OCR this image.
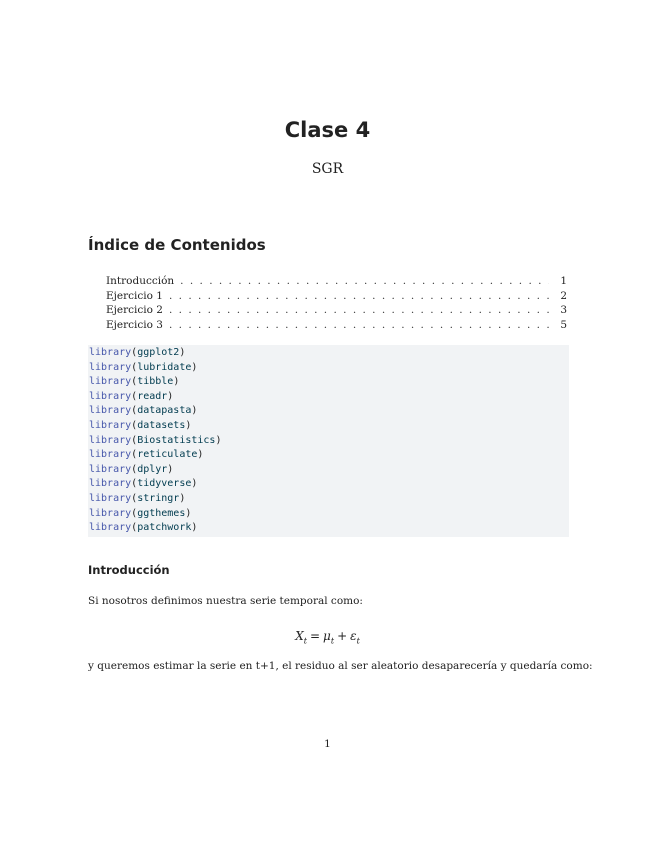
Clase 4
SGR
Índice de Contenidos
Introducción . . .	1
Ejercicio 1 . . .	2
Ejercicio 2 . . .	3
Ejercicio 3 . . .	5
library(ggplot2)
library(lubridate)
library(tibble)
library(readr)
library(datapasta)
library(datasets)
library(Biostatistics)
library(reticulate)
library(dplyr)
library(tidyverse)
library(stringr)
library(ggthemes)
library(patchwork)
Introducción

Si nosotros definimos nuestra serie temporal como:

$X_t = \mu_t + \varepsilon_t$

y queremos estimar la serie en t+1, el residuo al ser aleatorio desaparecería y quedaría como:

1
